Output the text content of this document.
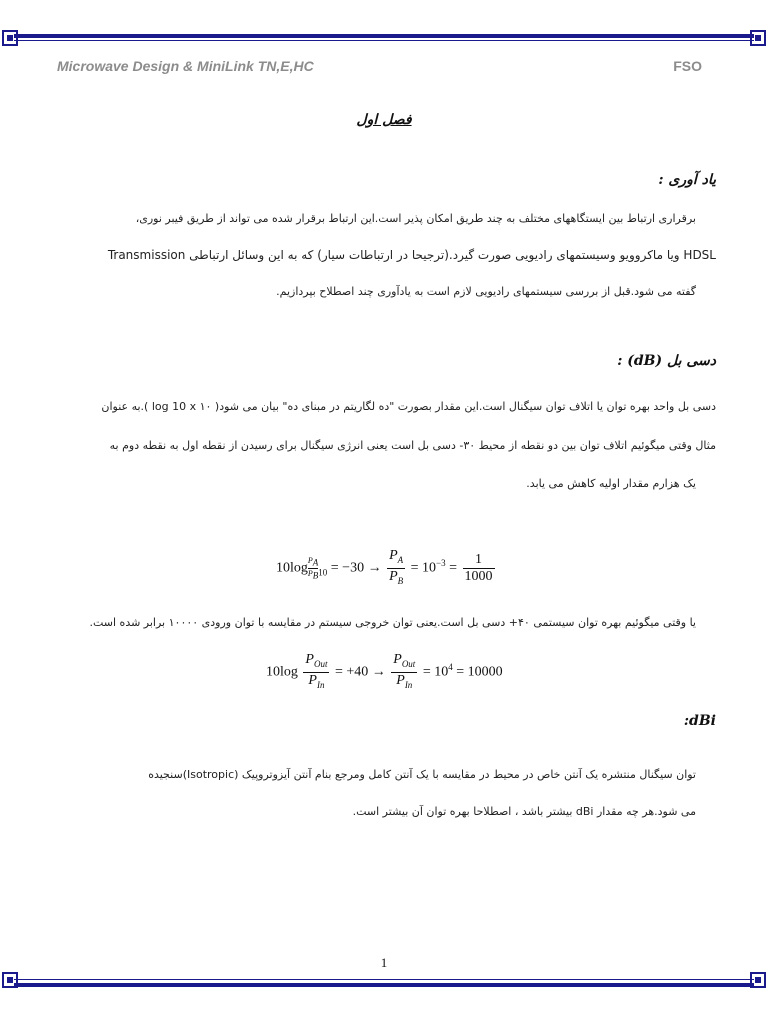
Microwave Design & MiniLink TN,E,HC	FSO
فصل اول
یاد آوری :
برقراری ارتباط بین ایستگاههای مختلف به چند طریق امکان پذیر است.این ارتباط برقرار شده می تواند از طریق فیبر نوری،
HDSL ویا ماکروویو وسیستمهای رادیویی صورت گیرد.(ترجیحا در ارتباطات سیار) که به این وسائل ارتباطی Transmission
گفته می شود.قبل از بررسی سیستمهای رادیویی لازم است به یادآوری چند اصطلاح بپردازیم.
دسی بل (dB) :
دسی بل واحد بهره توان یا اتلاف توان سیگنال است.این مقدار بصورت "ده لگاریتم در مبنای ده" بیان می شود( ۱۰ log 10 x ).به عنوان
مثال وقتی میگوئیم اتلاف توان بین دو نقطه از محیط ۳۰- دسی بل است یعنی انرژی سیگنال برای رسیدن از نقطه اول به نقطه دوم به
یک هزارم مقدار اولیه کاهش می یابد.
$10\log \frac{P_A}{P_B} _{10} = -30 \to \frac{P_A}{P_B} = 10^{-3} = \frac{1}{1000}$
یا وقتی میگوئیم بهره توان سیستمی ۴۰+ دسی بل است.یعنی توان خروجی سیستم در مقایسه با توان ورودی ۱۰۰۰۰ برابر شده است.
$10\log \frac{P_{Out}}{P_{In}} = +40 \to \frac{P_{Out}}{P_{In}} = 10^4 = 10000$
:dBi
توان سیگنال منتشره یک آنتن خاص در محیط در مقایسه با یک آنتن کامل ومرجع بنام آنتن آیزوتروپیک (Isotropic)سنجیده
می شود.هر چه مقدار dBi بیشتر باشد ، اصطلاحا بهره توان آن بیشتر است.
1
